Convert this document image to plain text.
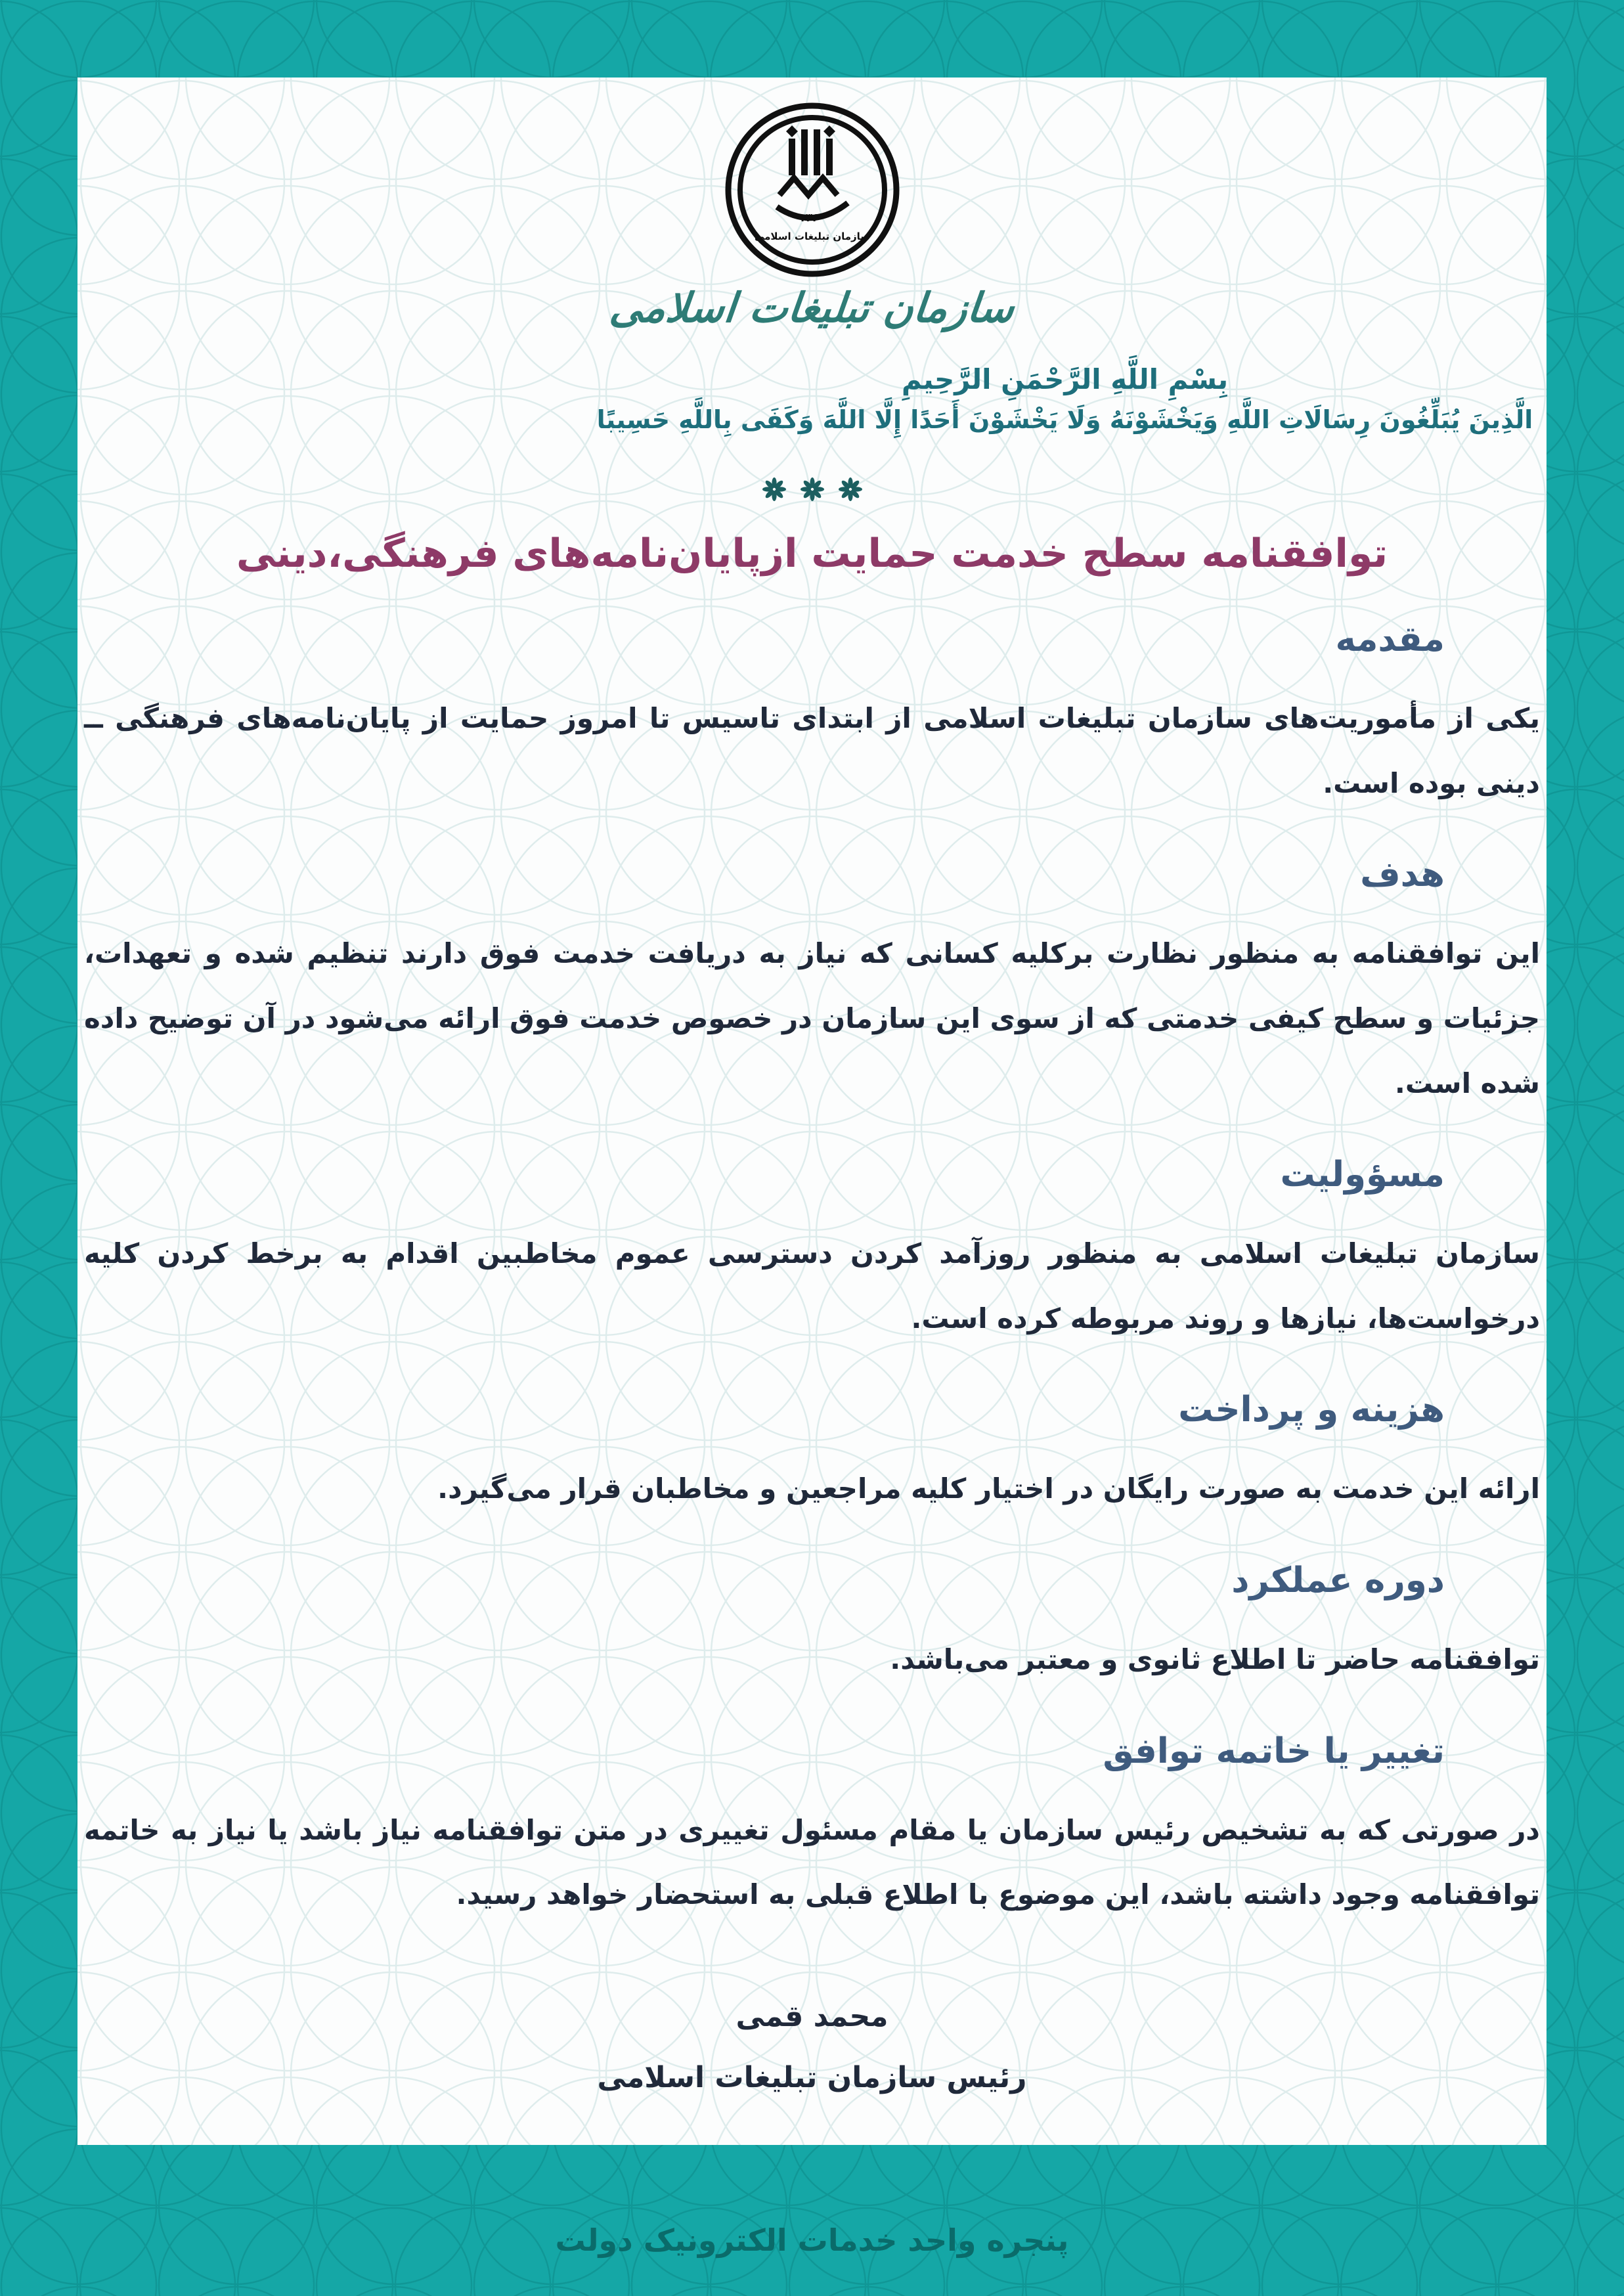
۱۳۶۰
سازمان تبلیغات اسلامی
سازمان تبلیغات اسلامی
بِسْمِ اللَّهِ الرَّحْمَنِ الرَّحِيمِ
الَّذِينَ يُبَلِّغُونَ رِسَالَاتِ اللَّهِ وَيَخْشَوْنَهُ وَلَا يَخْشَوْنَ أَحَدًا إِلَّا اللَّهَ وَكَفَى بِاللَّهِ حَسِيبًا
توافقنامه سطح خدمت حمایت ازپایان‌نامه‌های فرهنگی،دینی
مقدمه

یکی از مأموریت‌های سازمان تبلیغات اسلامی از ابتدای تاسیس تا امروز حمایت از پایان‌نامه‌های فرهنگی ــ دینی بوده است.

هدف

این توافقنامه به منظور نظارت برکلیه کسانی که نیاز به دریافت خدمت فوق دارند تنظیم شده و تعهدات، جزئیات و سطح کیفی خدمتی که از سوی این سازمان در خصوص خدمت فوق ارائه می‌شود در آن توضیح داده شده است.

مسؤولیت

سازمان تبلیغات اسلامی به منظور روزآمد کردن دسترسی عموم مخاطبین اقدام به برخط کردن کلیه درخواست‌ها، نیازها و روند مربوطه کرده است.

هزینه و پرداخت

ارائه این خدمت به صورت رایگان در اختیار کلیه مراجعین و مخاطبان قرار می‌گیرد.

دوره عملکرد

توافقنامه حاضر تا اطلاع ثانوی و معتبر می‌باشد.

تغییر یا خاتمه توافق

در صورتی که به تشخیص رئیس سازمان یا مقام مسئول تغییری در متن توافقنامه نیاز باشد یا نیاز به خاتمه توافقنامه وجود داشته باشد، این موضوع با اطلاع قبلی به استحضار خواهد رسید.

محمد قمی
رئیس سازمان تبلیغات اسلامی
پنجره واحد خدمات الکترونیک دولت
